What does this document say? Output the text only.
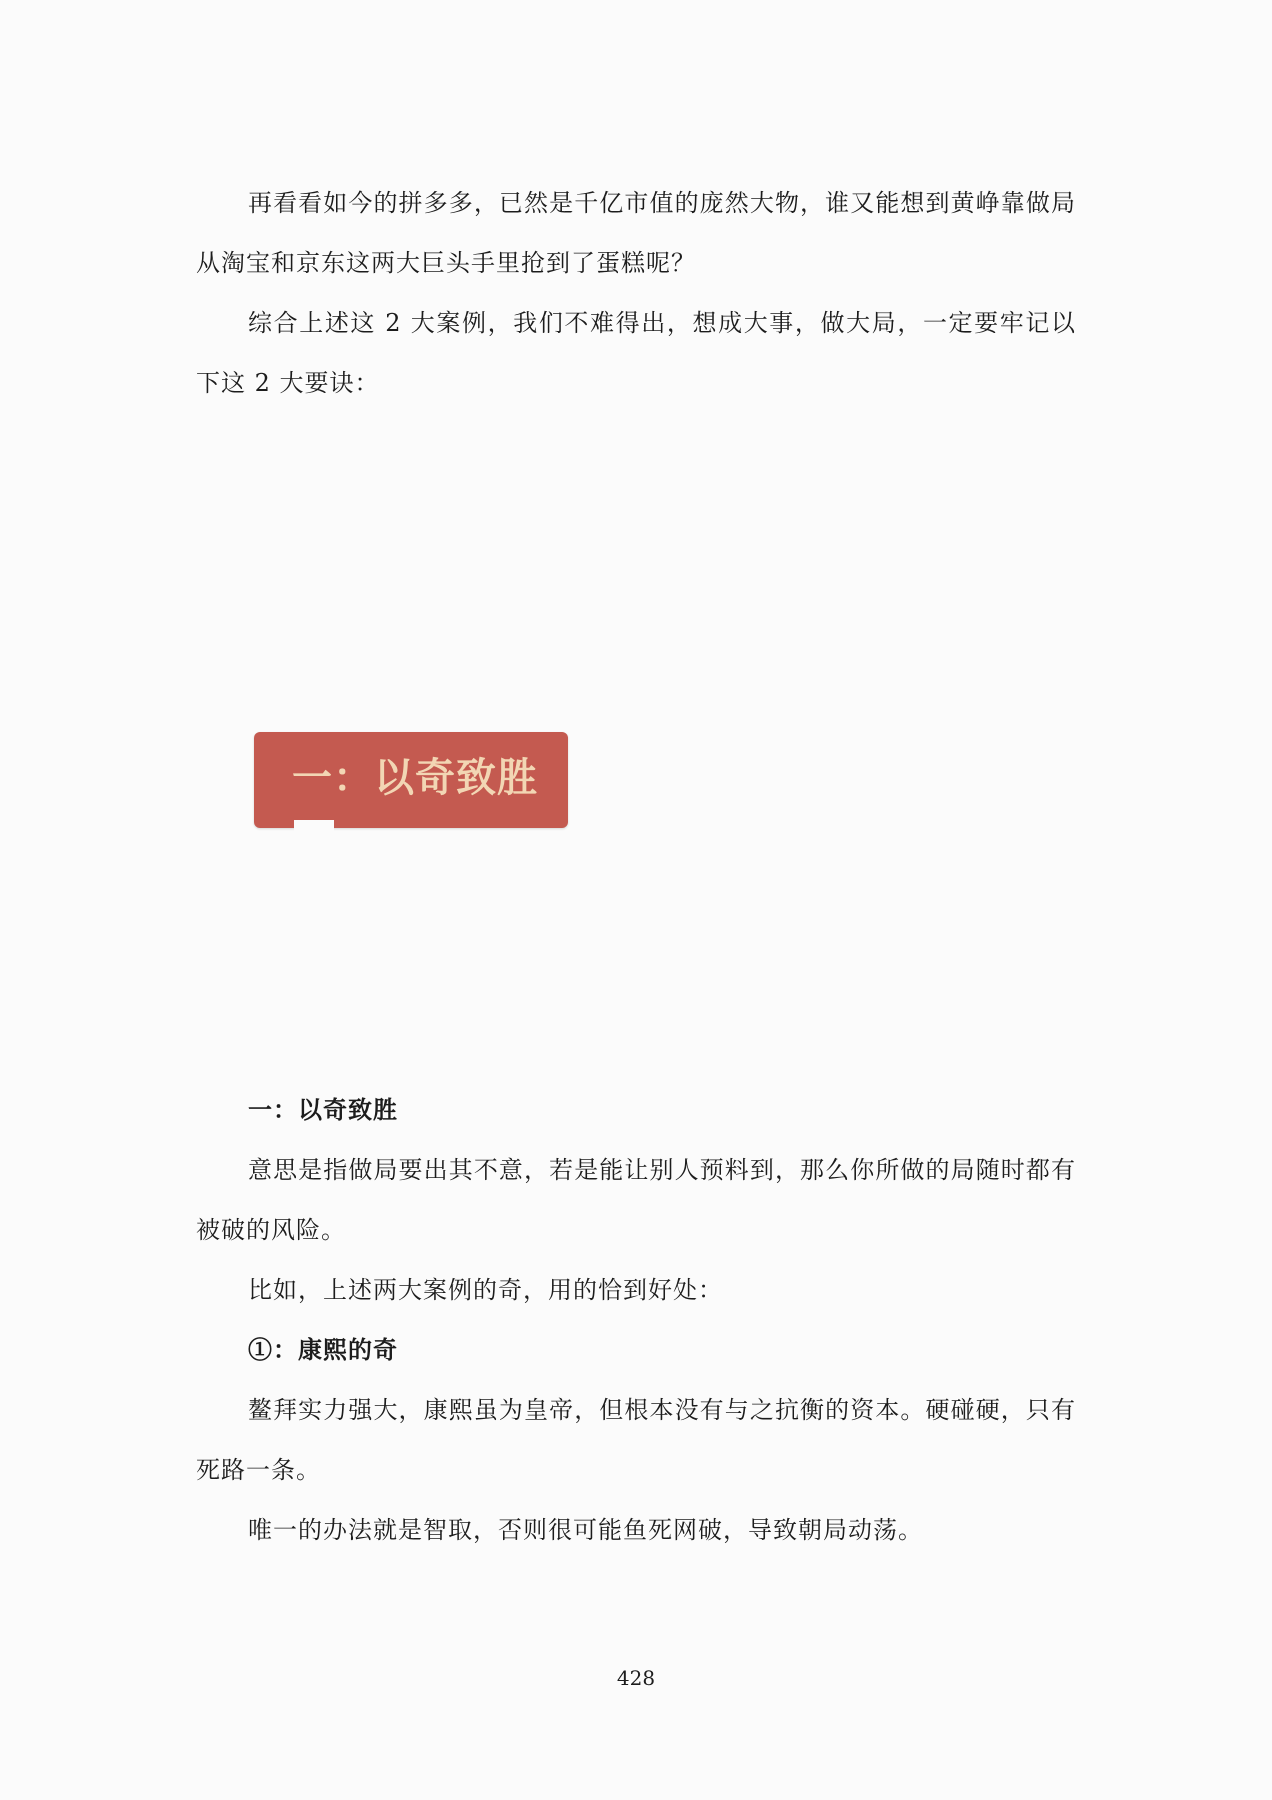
再看看如今的拼多多，已然是千亿市值的庞然大物，谁又能想到黄峥靠做局从淘宝和京东这两大巨头手里抢到了蛋糕呢？

综合上述这 2 大案例，我们不难得出，想成大事，做大局，一定要牢记以下这 2 大要诀：

一：以奇致胜

一：以奇致胜

意思是指做局要出其不意，若是能让别人预料到，那么你所做的局随时都有被破的风险。

比如，上述两大案例的奇，用的恰到好处：

①：康熙的奇

鳌拜实力强大，康熙虽为皇帝，但根本没有与之抗衡的资本。硬碰硬，只有死路一条。

唯一的办法就是智取，否则很可能鱼死网破，导致朝局动荡。

428
